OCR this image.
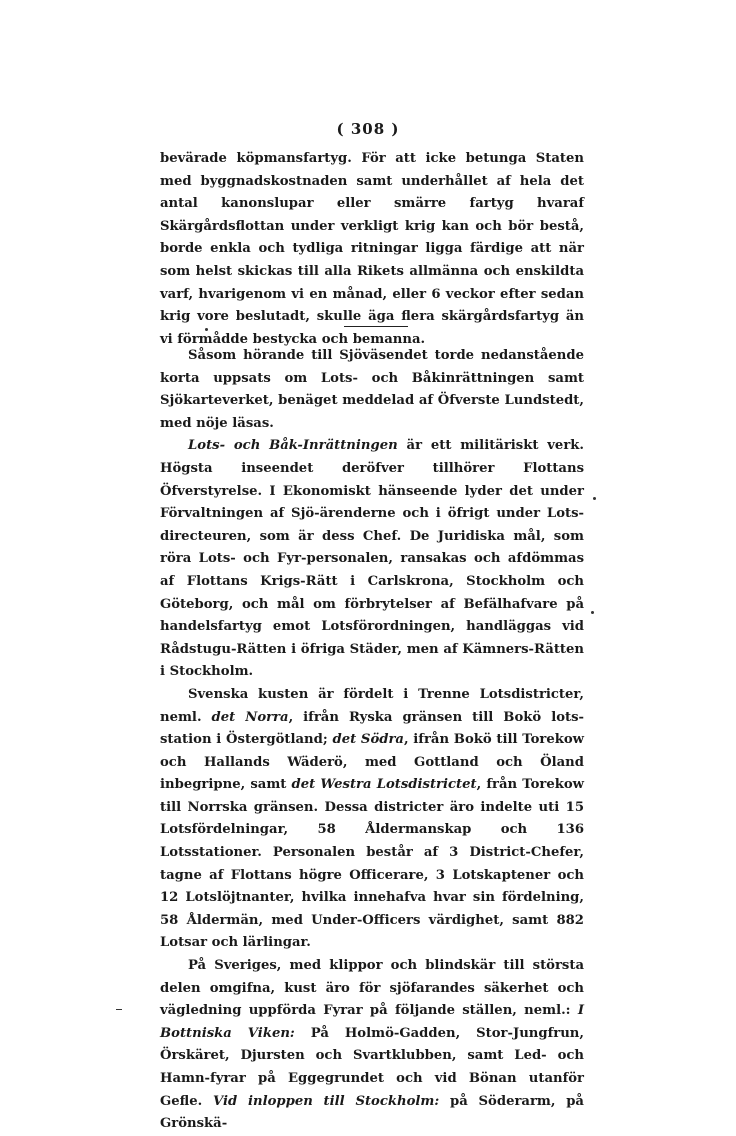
( 308 )

bevärade köpmansfartyg. För att icke betunga Staten med byggnadskostnaden samt underhållet af hela det antal kanonslupar eller smärre fartyg hvaraf Skärgårdsflottan under verkligt krig kan och bör bestå, borde enkla och tydliga ritningar ligga färdige att när som helst skickas till alla Rikets allmänna och enskildta varf, hvarigenom vi en månad, eller 6 veckor efter sedan krig vore beslutadt, skulle äga flera skärgårdsfartyg än vi förmådde bestycka och bemanna.

Såsom hörande till Sjöväsendet torde nedanstående korta uppsats om Lots- och Båkinrättningen samt Sjökarteverket, benäget meddelad af Öfverste Lundstedt, med nöje läsas.

Lots- och Båk-Inrättningen är ett militäriskt verk. Högsta inseendet deröfver tillhörer Flottans Öfverstyrelse. I Ekonomiskt hänseende lyder det under Förvaltningen af Sjö-ärenderne och i öfrigt under Lots-directeuren, som är dess Chef. De Juridiska mål, som röra Lots- och Fyr-personalen, ransakas och afdömmas af Flottans Krigs-Rätt i Carlskrona, Stockholm och Göteborg, och mål om förbrytelser af Befälhafvare på handelsfartyg emot Lotsförordningen, handläggas vid Rådstugu-Rätten i öfriga Städer, men af Kämners-Rätten i Stockholm.

Svenska kusten är fördelt i Trenne Lotsdistricter, neml. det Norra, ifrån Ryska gränsen till Bokö lots-station i Östergötland; det Södra, ifrån Bokö till Torekow och Hallands Wäderö, med Gottland och Öland inbegripne, samt det Westra Lotsdistrictet, från Torekow till Norrska gränsen. Dessa districter äro indelte uti 15 Lotsfördelningar, 58 Åldermanskap och 136 Lotsstationer. Personalen består af 3 District-Chefer, tagne af Flottans högre Officerare, 3 Lotskaptener och 12 Lotslöjtnanter, hvilka innehafva hvar sin fördelning, 58 Åldermän, med Under-Officers värdighet, samt 882 Lotsar och lärlingar.

På Sveriges, med klippor och blindskär till största delen omgifna, kust äro för sjöfarandes säkerhet och vägledning uppförda Fyrar på följande ställen, neml.: I Bottniska Viken: På Holmö-Gadden, Stor-Jungfrun, Örskäret, Djursten och Svartklubben, samt Led- och Hamn-fyrar på Eggegrundet och vid Bönan utanför Gefle. Vid inloppen till Stockholm: på Söderarm, på Grönskä-
